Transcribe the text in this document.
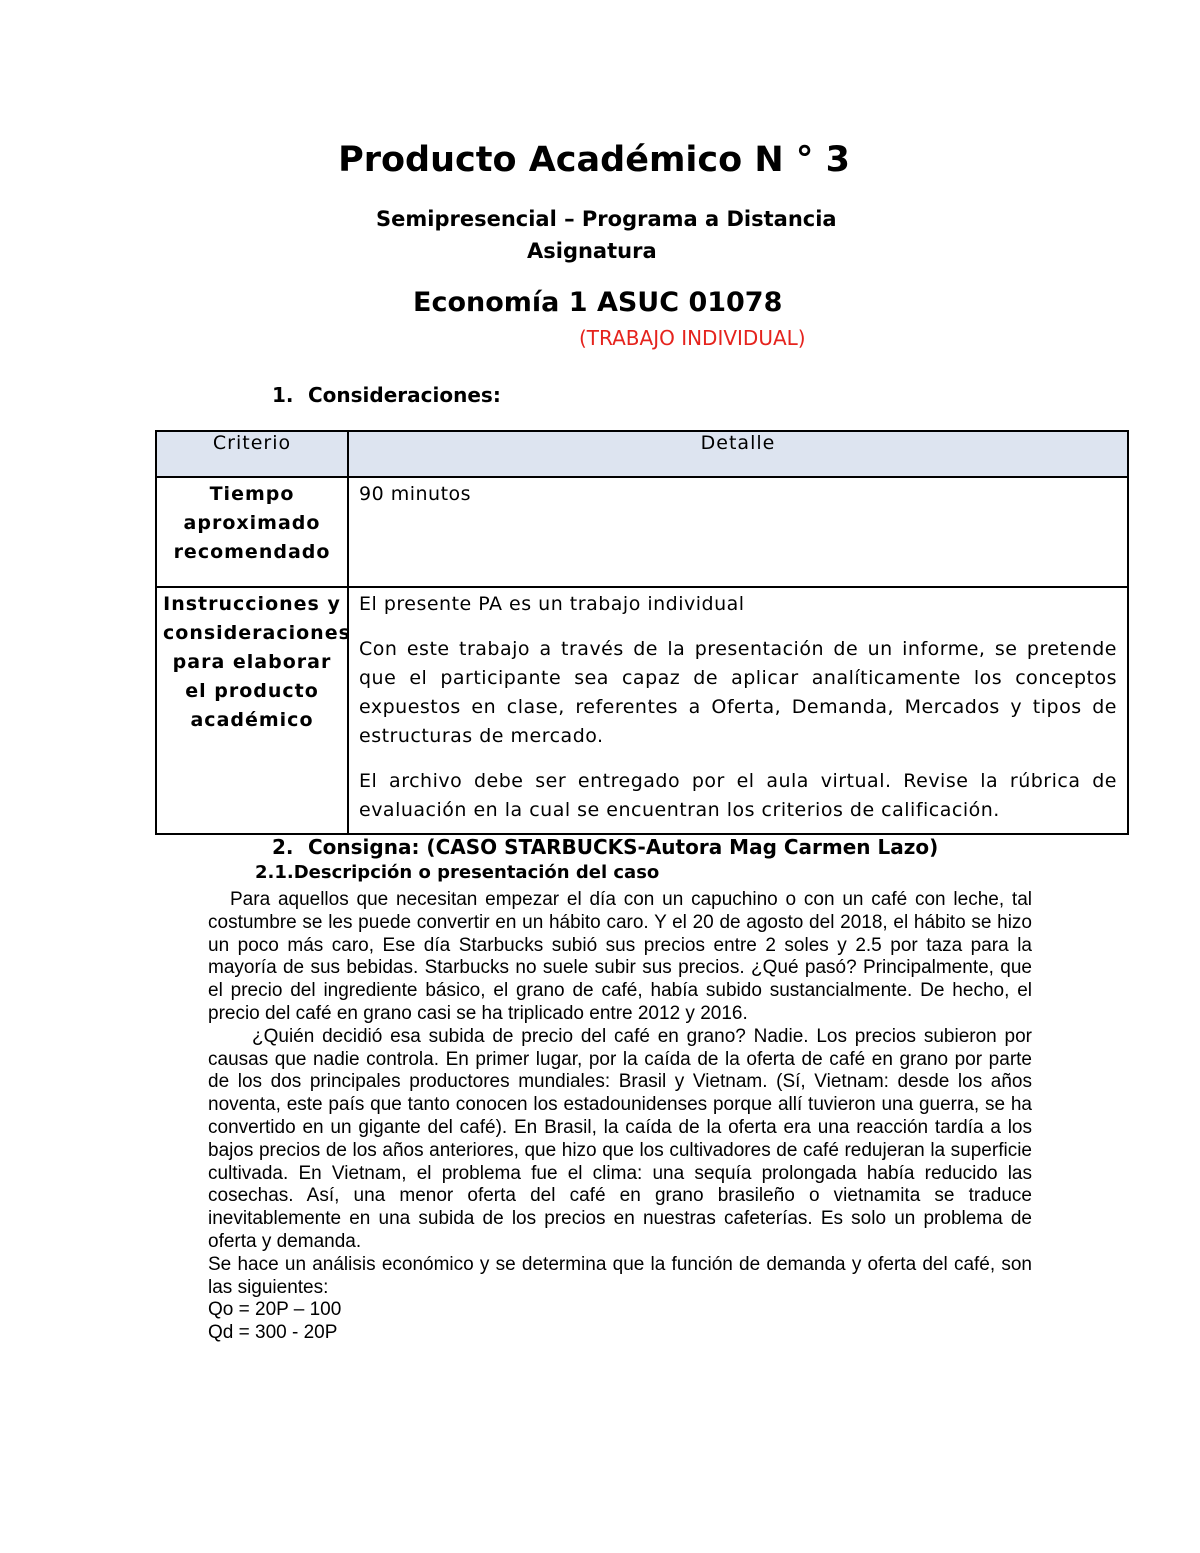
Producto Académico N ° 3
Semipresencial – Programa a Distancia
Asignatura
Economía 1 ASUC 01078
(TRABAJO INDIVIDUAL)
1. Consideraciones:
Criterio	Detalle
Tiempo aproximado recomendado	90 minutos

Instrucciones y consideraciones para elaborar el producto académico	El presente PA es un trabajo individual

Con este trabajo a través de la presentación de un informe, se pretende que el participante sea capaz de aplicar analíticamente los conceptos expuestos en clase, referentes a Oferta, Demanda, Mercados y tipos de estructuras de mercado.

El archivo debe ser entregado por el aula virtual. Revise la rúbrica de evaluación en la cual se encuentran los criterios de calificación.

2. Consigna: (CASO STARBUCKS-Autora Mag Carmen Lazo)
2.1.Descripción o presentación del caso

Para aquellos que necesitan empezar el día con un capuchino o con un café con leche, tal costumbre se les puede convertir en un hábito caro. Y el 20 de agosto del 2018, el hábito se hizo un poco más caro, Ese día Starbucks subió sus precios entre 2 soles y 2.5 por taza para la mayoría de sus bebidas. Starbucks no suele subir sus precios. ¿Qué pasó? Principalmente, que el precio del ingrediente básico, el grano de café, había subido sustancialmente. De hecho, el precio del café en grano casi se ha triplicado entre 2012 y 2016.

¿Quién decidió esa subida de precio del café en grano? Nadie. Los precios subieron por causas que nadie controla. En primer lugar, por la caída de la oferta de café en grano por parte de los dos principales productores mundiales: Brasil y Vietnam. (Sí, Vietnam: desde los años noventa, este país que tanto conocen los estadounidenses porque allí tuvieron una guerra, se ha convertido en un gigante del café). En Brasil, la caída de la oferta era una reacción tardía a los bajos precios de los años anteriores, que hizo que los cultivadores de café redujeran la superficie cultivada. En Vietnam, el problema fue el clima: una sequía prolongada había reducido las cosechas. Así, una menor oferta del café en grano brasileño o vietnamita se traduce inevitablemente en una subida de los precios en nuestras cafeterías. Es solo un problema de oferta y demanda.

Se hace un análisis económico y se determina que la función de demanda y oferta del café, son las siguientes:

Qo = 20P – 100

Qd = 300 - 20P
